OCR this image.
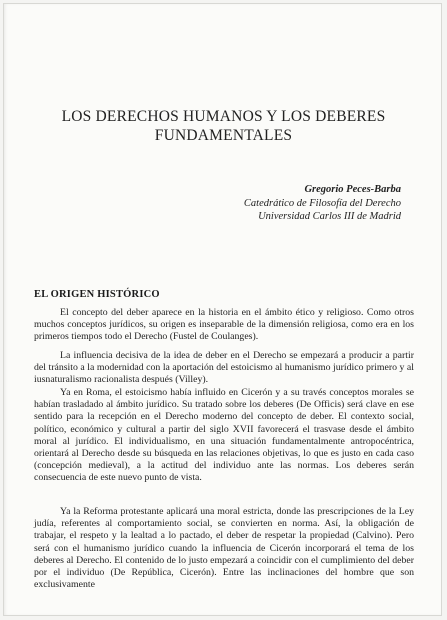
LOS DERECHOS HUMANOS Y LOS DEBERES
FUNDAMENTALES
Gregorio Peces-Barba
Catedrático de Filosofía del Derecho
Universidad Carlos III de Madrid
EL ORIGEN HISTÓRICO

El concepto del deber aparece en la historia en el ámbito ético y religioso. Como otros muchos conceptos jurídicos, su origen es inseparable de la dimensión religiosa, como era en los primeros tiempos todo el Derecho (Fustel de Coulanges).

La influencia decisiva de la idea de deber en el Derecho se empezará a producir a partir del tránsito a la modernidad con la aportación del estoicismo al humanismo jurídico primero y al iusnaturalismo racionalista después (Villey).

Ya en Roma, el estoicismo había influido en Cicerón y a su través conceptos morales se habían trasladado al ámbito jurídico. Su tratado sobre los deberes (De Officis) será clave en ese sentido para la recepción en el Derecho moderno del concepto de deber. El contexto social, político, económico y cultural a partir del siglo XVII favorecerá el trasvase desde el ámbito moral al jurídico. El individualismo, en una situación fundamentalmente antropocéntrica, orientará al Derecho desde su búsqueda en las relaciones objetivas, lo que es justo en cada caso (concepción medieval), a la actitud del individuo ante las normas. Los deberes serán consecuencia de este nuevo punto de vista.

Ya la Reforma protestante aplicará una moral estricta, donde las prescripciones de la Ley judía, referentes al comportamiento social, se convierten en norma. Así, la obligación de trabajar, el respeto y la lealtad a lo pactado, el deber de respetar la propiedad (Calvino). Pero será con el humanismo jurídico cuando la influencia de Cicerón incorporará el tema de los deberes al Derecho. El contenido de lo justo empezará a coincidir con el cumplimiento del deber por el individuo (De República, Cicerón). Entre las inclinaciones del hombre que son exclusivamente
